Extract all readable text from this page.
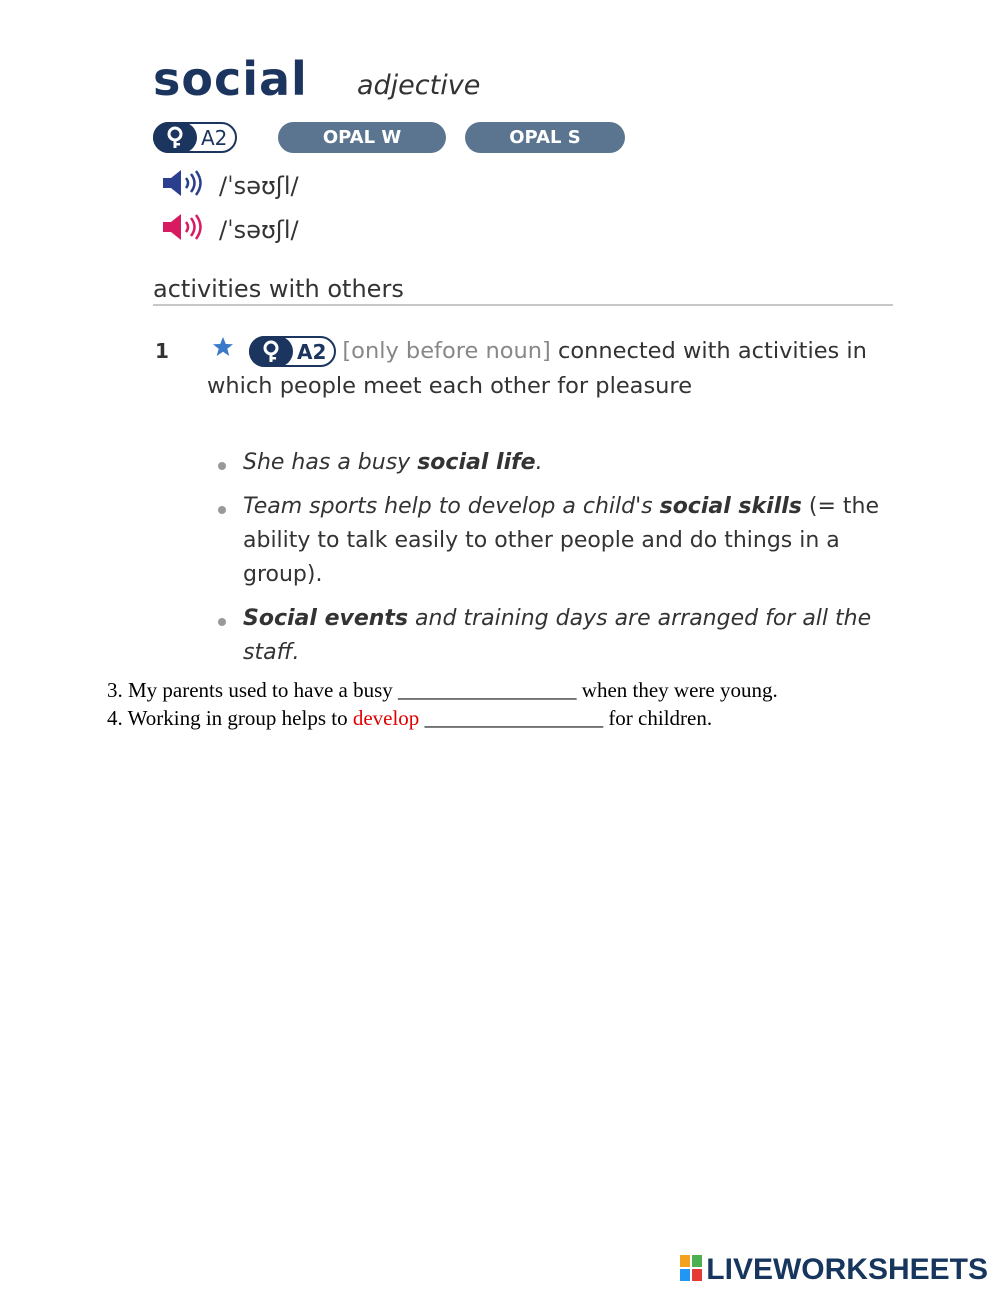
social adjective
A2	OPAL W	OPAL S
/ˈsəʊʃl/
/ˈsəʊʃl/
activities with others
1	A2 [only before noun] connected with activities in which people meet each other for pleasure
She has a busy social life.
Team sports help to develop a child's social skills (= the ability to talk easily to other people and do things in a group).
Social events and training days are arranged for all the staff.
3. My parents used to have a busy _________________ when they were young.
4. Working in group helps to develop _________________ for children.
LIVEWORKSHEETS
